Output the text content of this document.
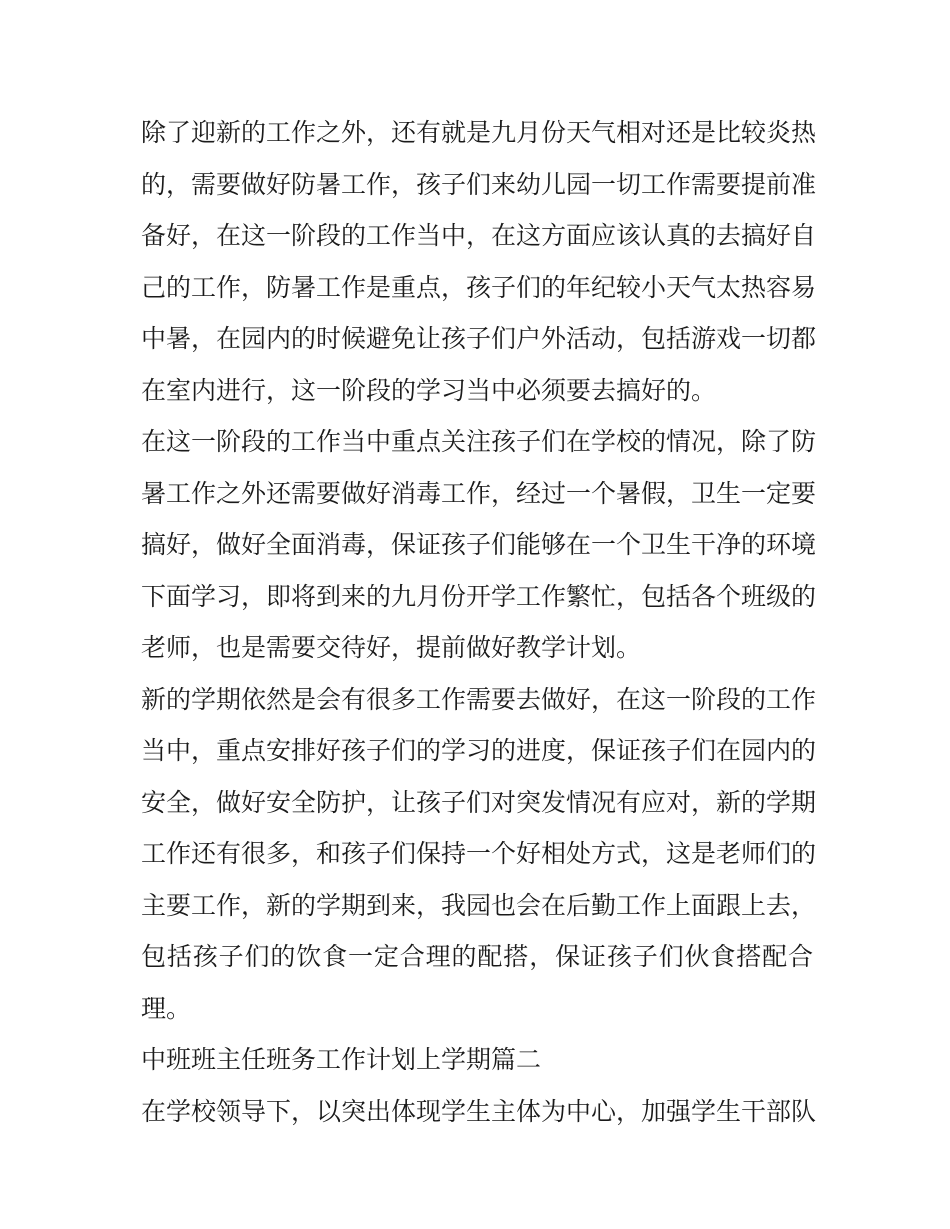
除了迎新的工作之外，还有就是九月份天气相对还是比较炎热
的，需要做好防暑工作，孩子们来幼儿园一切工作需要提前准
备好，在这一阶段的工作当中，在这方面应该认真的去搞好自
己的工作，防暑工作是重点，孩子们的年纪较小天气太热容易
中暑，在园内的时候避免让孩子们户外活动，包括游戏一切都
在室内进行，这一阶段的学习当中必须要去搞好的。
在这一阶段的工作当中重点关注孩子们在学校的情况，除了防
暑工作之外还需要做好消毒工作，经过一个暑假，卫生一定要
搞好，做好全面消毒，保证孩子们能够在一个卫生干净的环境
下面学习，即将到来的九月份开学工作繁忙，包括各个班级的
老师，也是需要交待好，提前做好教学计划。
新的学期依然是会有很多工作需要去做好，在这一阶段的工作
当中，重点安排好孩子们的学习的进度，保证孩子们在园内的
安全，做好安全防护，让孩子们对突发情况有应对，新的学期
工作还有很多，和孩子们保持一个好相处方式，这是老师们的
主要工作，新的学期到来，我园也会在后勤工作上面跟上去，
包括孩子们的饮食一定合理的配搭，保证孩子们伙食搭配合
理。
中班班主任班务工作计划上学期篇二
在学校领导下，以突出体现学生主体为中心，加强学生干部队
